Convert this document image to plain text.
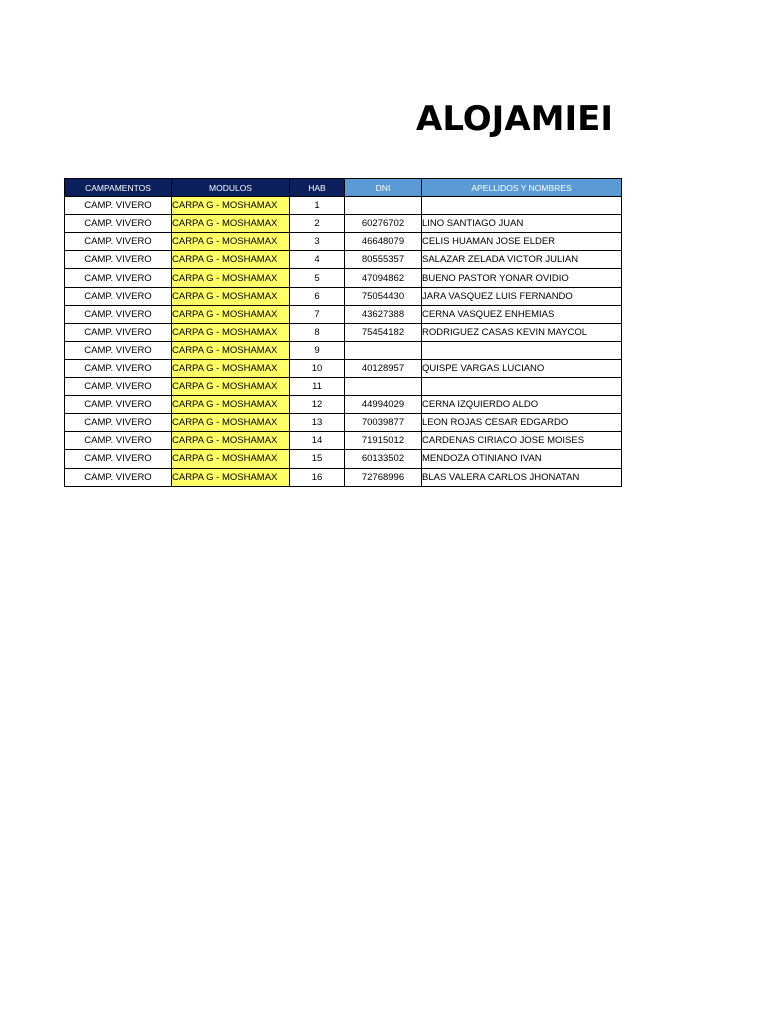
ALOJAMIEI
CAMPAMENTOS	MODULOS	HAB	DNI	APELLIDOS Y NOMBRES
CAMP. VIVERO	CARPA G - MOSHAMAX	1		
CAMP. VIVERO	CARPA G - MOSHAMAX	2	60276702	LINO SANTIAGO JUAN
CAMP. VIVERO	CARPA G - MOSHAMAX	3	46648079	CELIS HUAMAN JOSE ELDER
CAMP. VIVERO	CARPA G - MOSHAMAX	4	80555357	SALAZAR ZELADA VICTOR JULIAN
CAMP. VIVERO	CARPA G - MOSHAMAX	5	47094862	BUENO PASTOR YONAR OVIDIO
CAMP. VIVERO	CARPA G - MOSHAMAX	6	75054430	JARA VASQUEZ LUIS FERNANDO
CAMP. VIVERO	CARPA G - MOSHAMAX	7	43627388	CERNA VASQUEZ ENHEMIAS
CAMP. VIVERO	CARPA G - MOSHAMAX	8	75454182	RODRIGUEZ CASAS KEVIN MAYCOL
CAMP. VIVERO	CARPA G - MOSHAMAX	9		
CAMP. VIVERO	CARPA G - MOSHAMAX	10	40128957	QUISPE VARGAS LUCIANO
CAMP. VIVERO	CARPA G - MOSHAMAX	11		
CAMP. VIVERO	CARPA G - MOSHAMAX	12	44994029	CERNA IZQUIERDO ALDO
CAMP. VIVERO	CARPA G - MOSHAMAX	13	70039877	LEON ROJAS CESAR EDGARDO
CAMP. VIVERO	CARPA G - MOSHAMAX	14	71915012	CARDENAS CIRIACO JOSE MOISES
CAMP. VIVERO	CARPA G - MOSHAMAX	15	60133502	MENDOZA OTINIANO IVAN
CAMP. VIVERO	CARPA G - MOSHAMAX	16	72768996	BLAS VALERA CARLOS JHONATAN
